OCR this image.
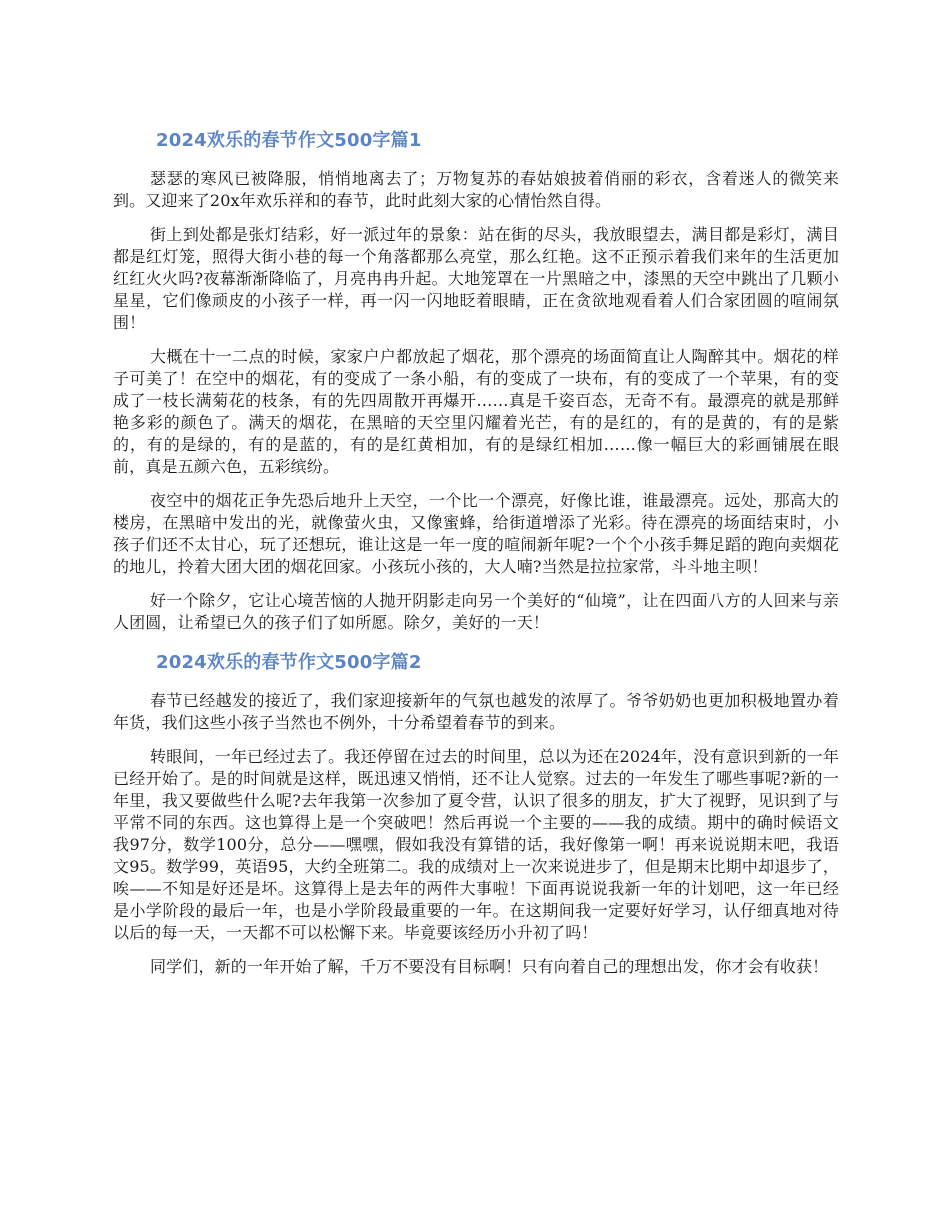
2024欢乐的春节作文500字篇1

瑟瑟的寒风已被降服，悄悄地离去了；万物复苏的春姑娘披着俏丽的彩衣，含着迷人的微笑来到。又迎来了20x年欢乐祥和的春节，此时此刻大家的心情怡然自得。

街上到处都是张灯结彩，好一派过年的景象：站在街的尽头，我放眼望去，满目都是彩灯，满目都是红灯笼，照得大街小巷的每一个角落都那么亮堂，那么红艳。这不正预示着我们来年的生活更加红红火火吗?夜幕渐渐降临了，月亮冉冉升起。大地笼罩在一片黑暗之中，漆黑的天空中跳出了几颗小星星，它们像顽皮的小孩子一样，再一闪一闪地眨着眼睛，正在贪欲地观看着人们合家团圆的喧闹氛围！

大概在十一二点的时候，家家户户都放起了烟花，那个漂亮的场面简直让人陶醉其中。烟花的样子可美了！在空中的烟花，有的变成了一条小船，有的变成了一块布，有的变成了一个苹果，有的变成了一枝长满菊花的枝条，有的先四周散开再爆开……真是千姿百态，无奇不有。最漂亮的就是那鲜艳多彩的颜色了。满天的烟花，在黑暗的天空里闪耀着光芒，有的是红的，有的是黄的，有的是紫的，有的是绿的，有的是蓝的，有的是红黄相加，有的是绿红相加……像一幅巨大的彩画铺展在眼前，真是五颜六色，五彩缤纷。

夜空中的烟花正争先恐后地升上天空，一个比一个漂亮，好像比谁，谁最漂亮。远处，那高大的楼房，在黑暗中发出的光，就像萤火虫，又像蜜蜂，给街道增添了光彩。待在漂亮的场面结束时，小孩子们还不太甘心，玩了还想玩，谁让这是一年一度的喧闹新年呢?一个个小孩手舞足蹈的跑向卖烟花的地儿，拎着大团大团的烟花回家。小孩玩小孩的，大人喃?当然是拉拉家常，斗斗地主呗！

好一个除夕，它让心境苦恼的人抛开阴影走向另一个美好的“仙境”，让在四面八方的人回来与亲人团圆，让希望已久的孩子们了如所愿。除夕，美好的一天！

2024欢乐的春节作文500字篇2

春节已经越发的接近了，我们家迎接新年的气氛也越发的浓厚了。爷爷奶奶也更加积极地置办着年货，我们这些小孩子当然也不例外，十分希望着春节的到来。

转眼间，一年已经过去了。我还停留在过去的时间里，总以为还在2024年，没有意识到新的一年已经开始了。是的时间就是这样，既迅速又悄悄，还不让人觉察。过去的一年发生了哪些事呢?新的一年里，我又要做些什么呢?去年我第一次参加了夏令营，认识了很多的朋友，扩大了视野，见识到了与平常不同的东西。这也算得上是一个突破吧！然后再说一个主要的——我的成绩。期中的确时候语文我97分，数学100分，总分——嘿嘿，假如我没有算错的话，我好像第一啊！再来说说期末吧，我语文95。数学99，英语95，大约全班第二。我的成绩对上一次来说进步了，但是期末比期中却退步了，唉——不知是好还是坏。这算得上是去年的两件大事啦！下面再说说我新一年的计划吧，这一年已经是小学阶段的最后一年，也是小学阶段最重要的一年。在这期间我一定要好好学习，认仔细真地对待以后的每一天，一天都不可以松懈下来。毕竟要该经历小升初了吗！

同学们，新的一年开始了解，千万不要没有目标啊！只有向着自己的理想出发，你才会有收获！
